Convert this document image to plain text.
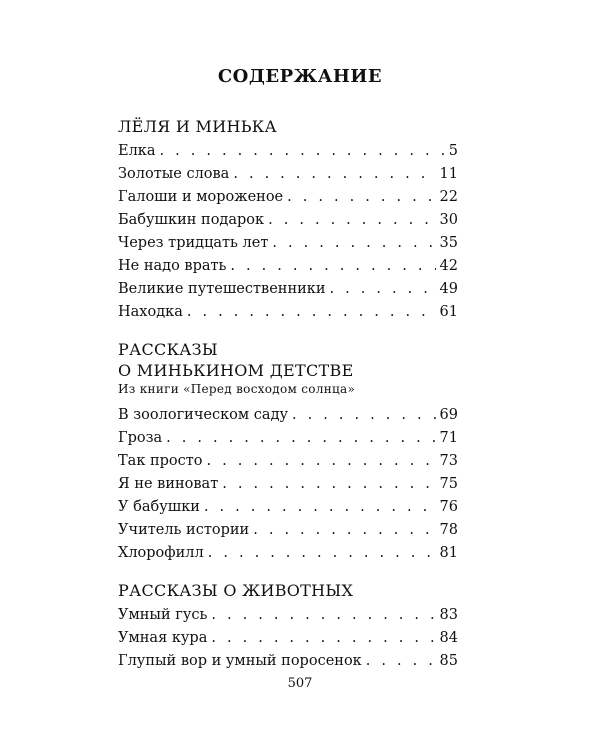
СОДЕРЖАНИЕ
ЛЁЛЯ И МИНЬКА
Елка . . .	5
Золотые слова . . .	11
Галоши и мороженое . . .	22
Бабушкин подарок . . .	30
Через тридцать лет . . .	35
Не надо врать . . .	42
Великие путешественники . . .	49
Находка . . .	61
РАССКАЗЫ
О МИНЬКИНОМ ДЕТСТВЕ
Из книги «Перед восходом солнца»
В зоологическом саду . . .	69
Гроза . . .	71
Так просто . . .	73
Я не виноват . . .	75
У бабушки . . .	76
Учитель истории . . .	78
Хлорофилл . . .	81
РАССКАЗЫ О ЖИВОТНЫХ
Умный гусь . . .	83
Умная кура . . .	84
Глупый вор и умный поросенок . . .	85
507
